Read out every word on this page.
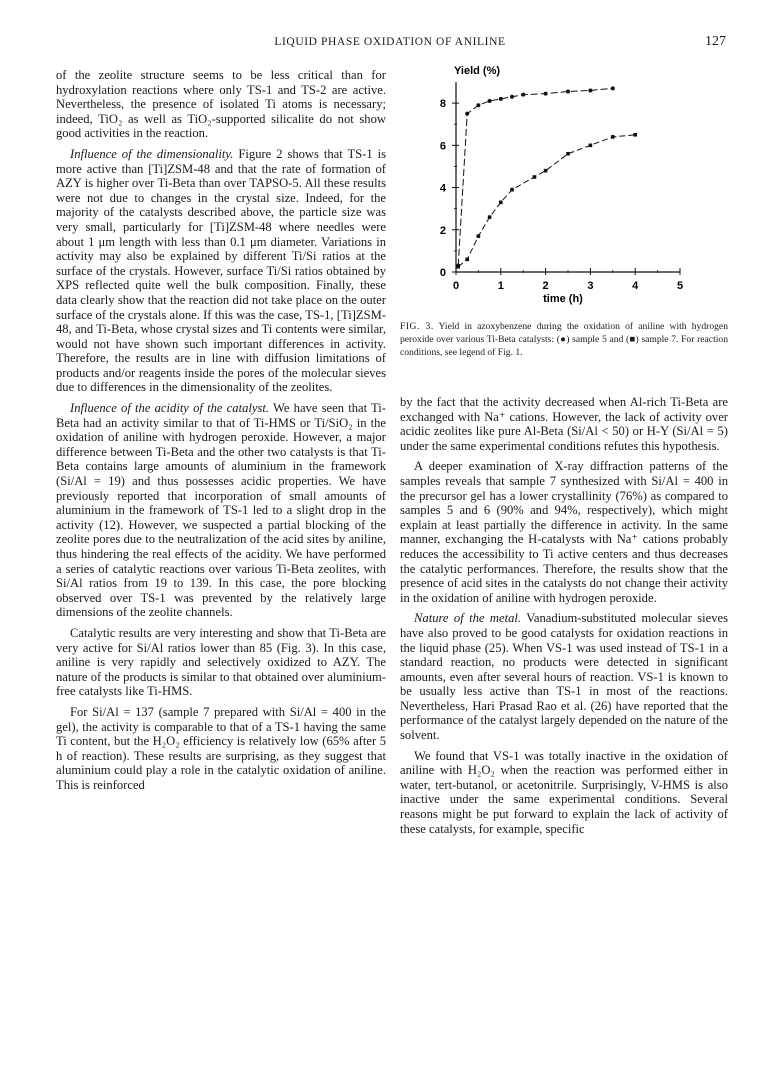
LIQUID PHASE OXIDATION OF ANILINE	127

of the zeolite structure seems to be less critical than for hydroxylation reactions where only TS-1 and TS-2 are active. Nevertheless, the presence of isolated Ti atoms is necessary; indeed, TiO₂ as well as TiO₂-supported silicalite do not show good activities in the reaction.

Influence of the dimensionality. Figure 2 shows that TS-1 is more active than [Ti]ZSM-48 and that the rate of formation of AZY is higher over Ti-Beta than over TAPSO-5. All these results were not due to changes in the crystal size. Indeed, for the majority of the catalysts described above, the particle size was very small, particularly for [Ti]ZSM-48 where needles were about 1 μm length with less than 0.1 μm diameter. Variations in activity may also be explained by different Ti/Si ratios at the surface of the crystals. However, surface Ti/Si ratios obtained by XPS reflected quite well the bulk composition. Finally, these data clearly show that the reaction did not take place on the outer surface of the crystals alone. If this was the case, TS-1, [Ti]ZSM-48, and Ti-Beta, whose crystal sizes and Ti contents were similar, would not have shown such important differences in activity. Therefore, the results are in line with diffusion limitations of products and/or reagents inside the pores of the molecular sieves due to differences in the dimensionality of the zeolites.

Influence of the acidity of the catalyst. We have seen that Ti-Beta had an activity similar to that of Ti-HMS or Ti/SiO₂ in the oxidation of aniline with hydrogen peroxide. However, a major difference between Ti-Beta and the other two catalysts is that Ti-Beta contains large amounts of aluminium in the framework (Si/Al = 19) and thus possesses acidic properties. We have previously reported that incorporation of small amounts of aluminium in the framework of TS-1 led to a slight drop in the activity (12). However, we suspected a partial blocking of the zeolite pores due to the neutralization of the acid sites by aniline, thus hindering the real effects of the acidity. We have performed a series of catalytic reactions over various Ti-Beta zeolites, with Si/Al ratios from 19 to 139. In this case, the pore blocking observed over TS-1 was prevented by the relatively large dimensions of the zeolite channels.

Catalytic results are very interesting and show that Ti-Beta are very active for Si/Al ratios lower than 85 (Fig. 3). In this case, aniline is very rapidly and selectively oxidized to AZY. The nature of the products is similar to that obtained over aluminium-free catalysts like Ti-HMS.

For Si/Al = 137 (sample 7 prepared with Si/Al = 400 in the gel), the activity is comparable to that of a TS-1 having the same Ti content, but the H₂O₂ efficiency is relatively low (65% after 5 h of reaction). These results are surprising, as they suggest that aluminium could play a role in the catalytic oxidation of aniline. This is reinforced

Yield (%)
time (h)
0	1	2	3	4	5
0
2
4
6
8
FIG. 3. Yield in azoxybenzene during the oxidation of aniline with hydrogen peroxide over various Ti-Beta catalysts: (●) sample 5 and (■) sample 7. For reaction conditions, see legend of Fig. 1.

by the fact that the activity decreased when Al-rich Ti-Beta are exchanged with Na⁺ cations. However, the lack of activity over acidic zeolites like pure Al-Beta (Si/Al < 50) or H-Y (Si/Al = 5) under the same experimental conditions refutes this hypothesis.

A deeper examination of X-ray diffraction patterns of the samples reveals that sample 7 synthesized with Si/Al = 400 in the precursor gel has a lower crystallinity (76%) as compared to samples 5 and 6 (90% and 94%, respectively), which might explain at least partially the difference in activity. In the same manner, exchanging the H-catalysts with Na⁺ cations probably reduces the accessibility to Ti active centers and thus decreases the catalytic performances. Therefore, the results show that the presence of acid sites in the catalysts do not change their activity in the oxidation of aniline with hydrogen peroxide.

Nature of the metal. Vanadium-substituted molecular sieves have also proved to be good catalysts for oxidation reactions in the liquid phase (25). When VS-1 was used instead of TS-1 in a standard reaction, no products were detected in significant amounts, even after several hours of reaction. VS-1 is known to be usually less active than TS-1 in most of the reactions. Nevertheless, Hari Prasad Rao et al. (26) have reported that the performance of the catalyst largely depended on the nature of the solvent.

We found that VS-1 was totally inactive in the oxidation of aniline with H₂O₂ when the reaction was performed either in water, tert-butanol, or acetonitrile. Surprisingly, V-HMS is also inactive under the same experimental conditions. Several reasons might be put forward to explain the lack of activity of these catalysts, for example, specific
